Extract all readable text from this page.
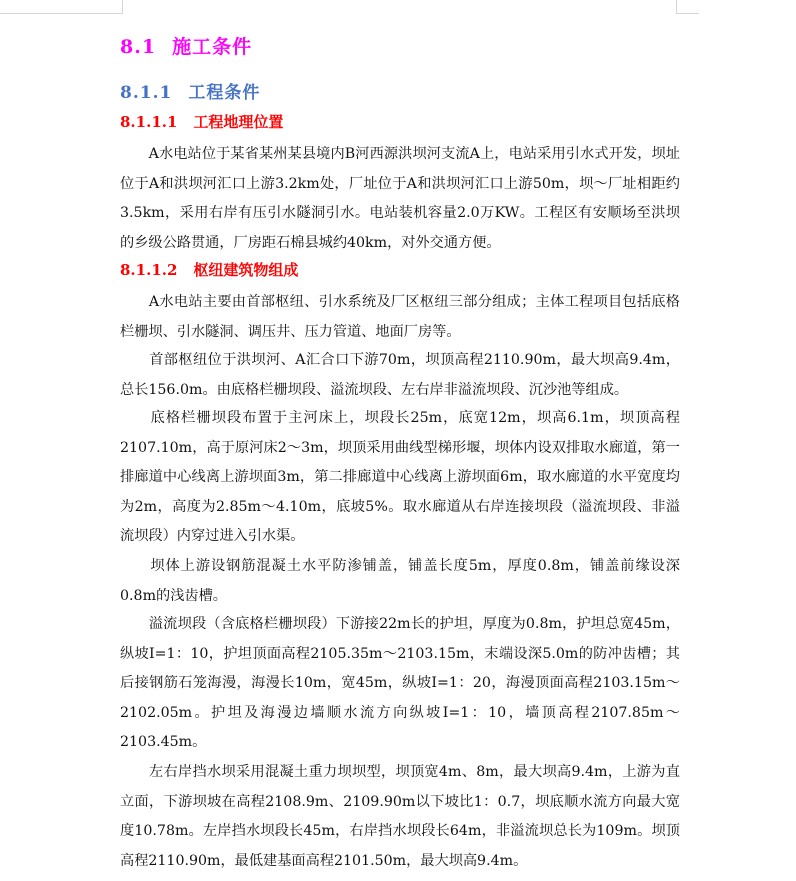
8.1 施工条件
8.1.1 工程条件
8.1.1.1 工程地理位置

　　A水电站位于某省某州某县境内B河西源洪坝河支流A上，电站采用引水式开发，坝址位于A和洪坝河汇口上游3.2km处，厂址位于A和洪坝河汇口上游50m，坝～厂址相距约3.5km，采用右岸有压引水隧洞引水。电站装机容量2.0万KW。工程区有安顺场至洪坝的乡级公路贯通，厂房距石棉县城约40km，对外交通方便。

8.1.1.2 枢纽建筑物组成

　　A水电站主要由首部枢纽、引水系统及厂区枢纽三部分组成；主体工程项目包括底格栏栅坝、引水隧洞、调压井、压力管道、地面厂房等。

　　首部枢纽位于洪坝河、A汇合口下游70m，坝顶高程2110.90m，最大坝高9.4m，总长156.0m。由底格栏栅坝段、溢流坝段、左右岸非溢流坝段、沉沙池等组成。

　　底格栏栅坝段布置于主河床上，坝段长25m，底宽12m，坝高6.1m，坝顶高程2107.10m，高于原河床2～3m，坝顶采用曲线型梯形堰，坝体内设双排取水廊道，第一排廊道中心线离上游坝面3m，第二排廊道中心线离上游坝面6m，取水廊道的水平宽度均为2m，高度为2.85m～4.10m，底坡5%。取水廊道从右岸连接坝段（溢流坝段、非溢流坝段）内穿过进入引水渠。

　　坝体上游设钢筋混凝土水平防渗铺盖，铺盖长度5m，厚度0.8m，铺盖前缘设深0.8m的浅齿槽。

　　溢流坝段（含底格栏栅坝段）下游接22m长的护坦，厚度为0.8m，护坦总宽45m，纵坡I=1：10，护坦顶面高程2105.35m～2103.15m，末端设深5.0m的防冲齿槽；其后接钢筋石笼海漫，海漫长10m，宽45m，纵坡I=1：20，海漫顶面高程2103.15m～2102.05m。护坦及海漫边墙顺水流方向纵坡I=1：10，墙顶高程2107.85m～2103.45m。

　　左右岸挡水坝采用混凝土重力坝坝型，坝顶宽4m、8m，最大坝高9.4m，上游为直立面，下游坝坡在高程2108.9m、2109.90m以下坡比1：0.7，坝底顺水流方向最大宽度10.78m。左岸挡水坝段长45m，右岸挡水坝段长64m，非溢流坝总长为109m。坝顶高程2110.90m，最低建基面高程2101.50m，最大坝高9.4m。
